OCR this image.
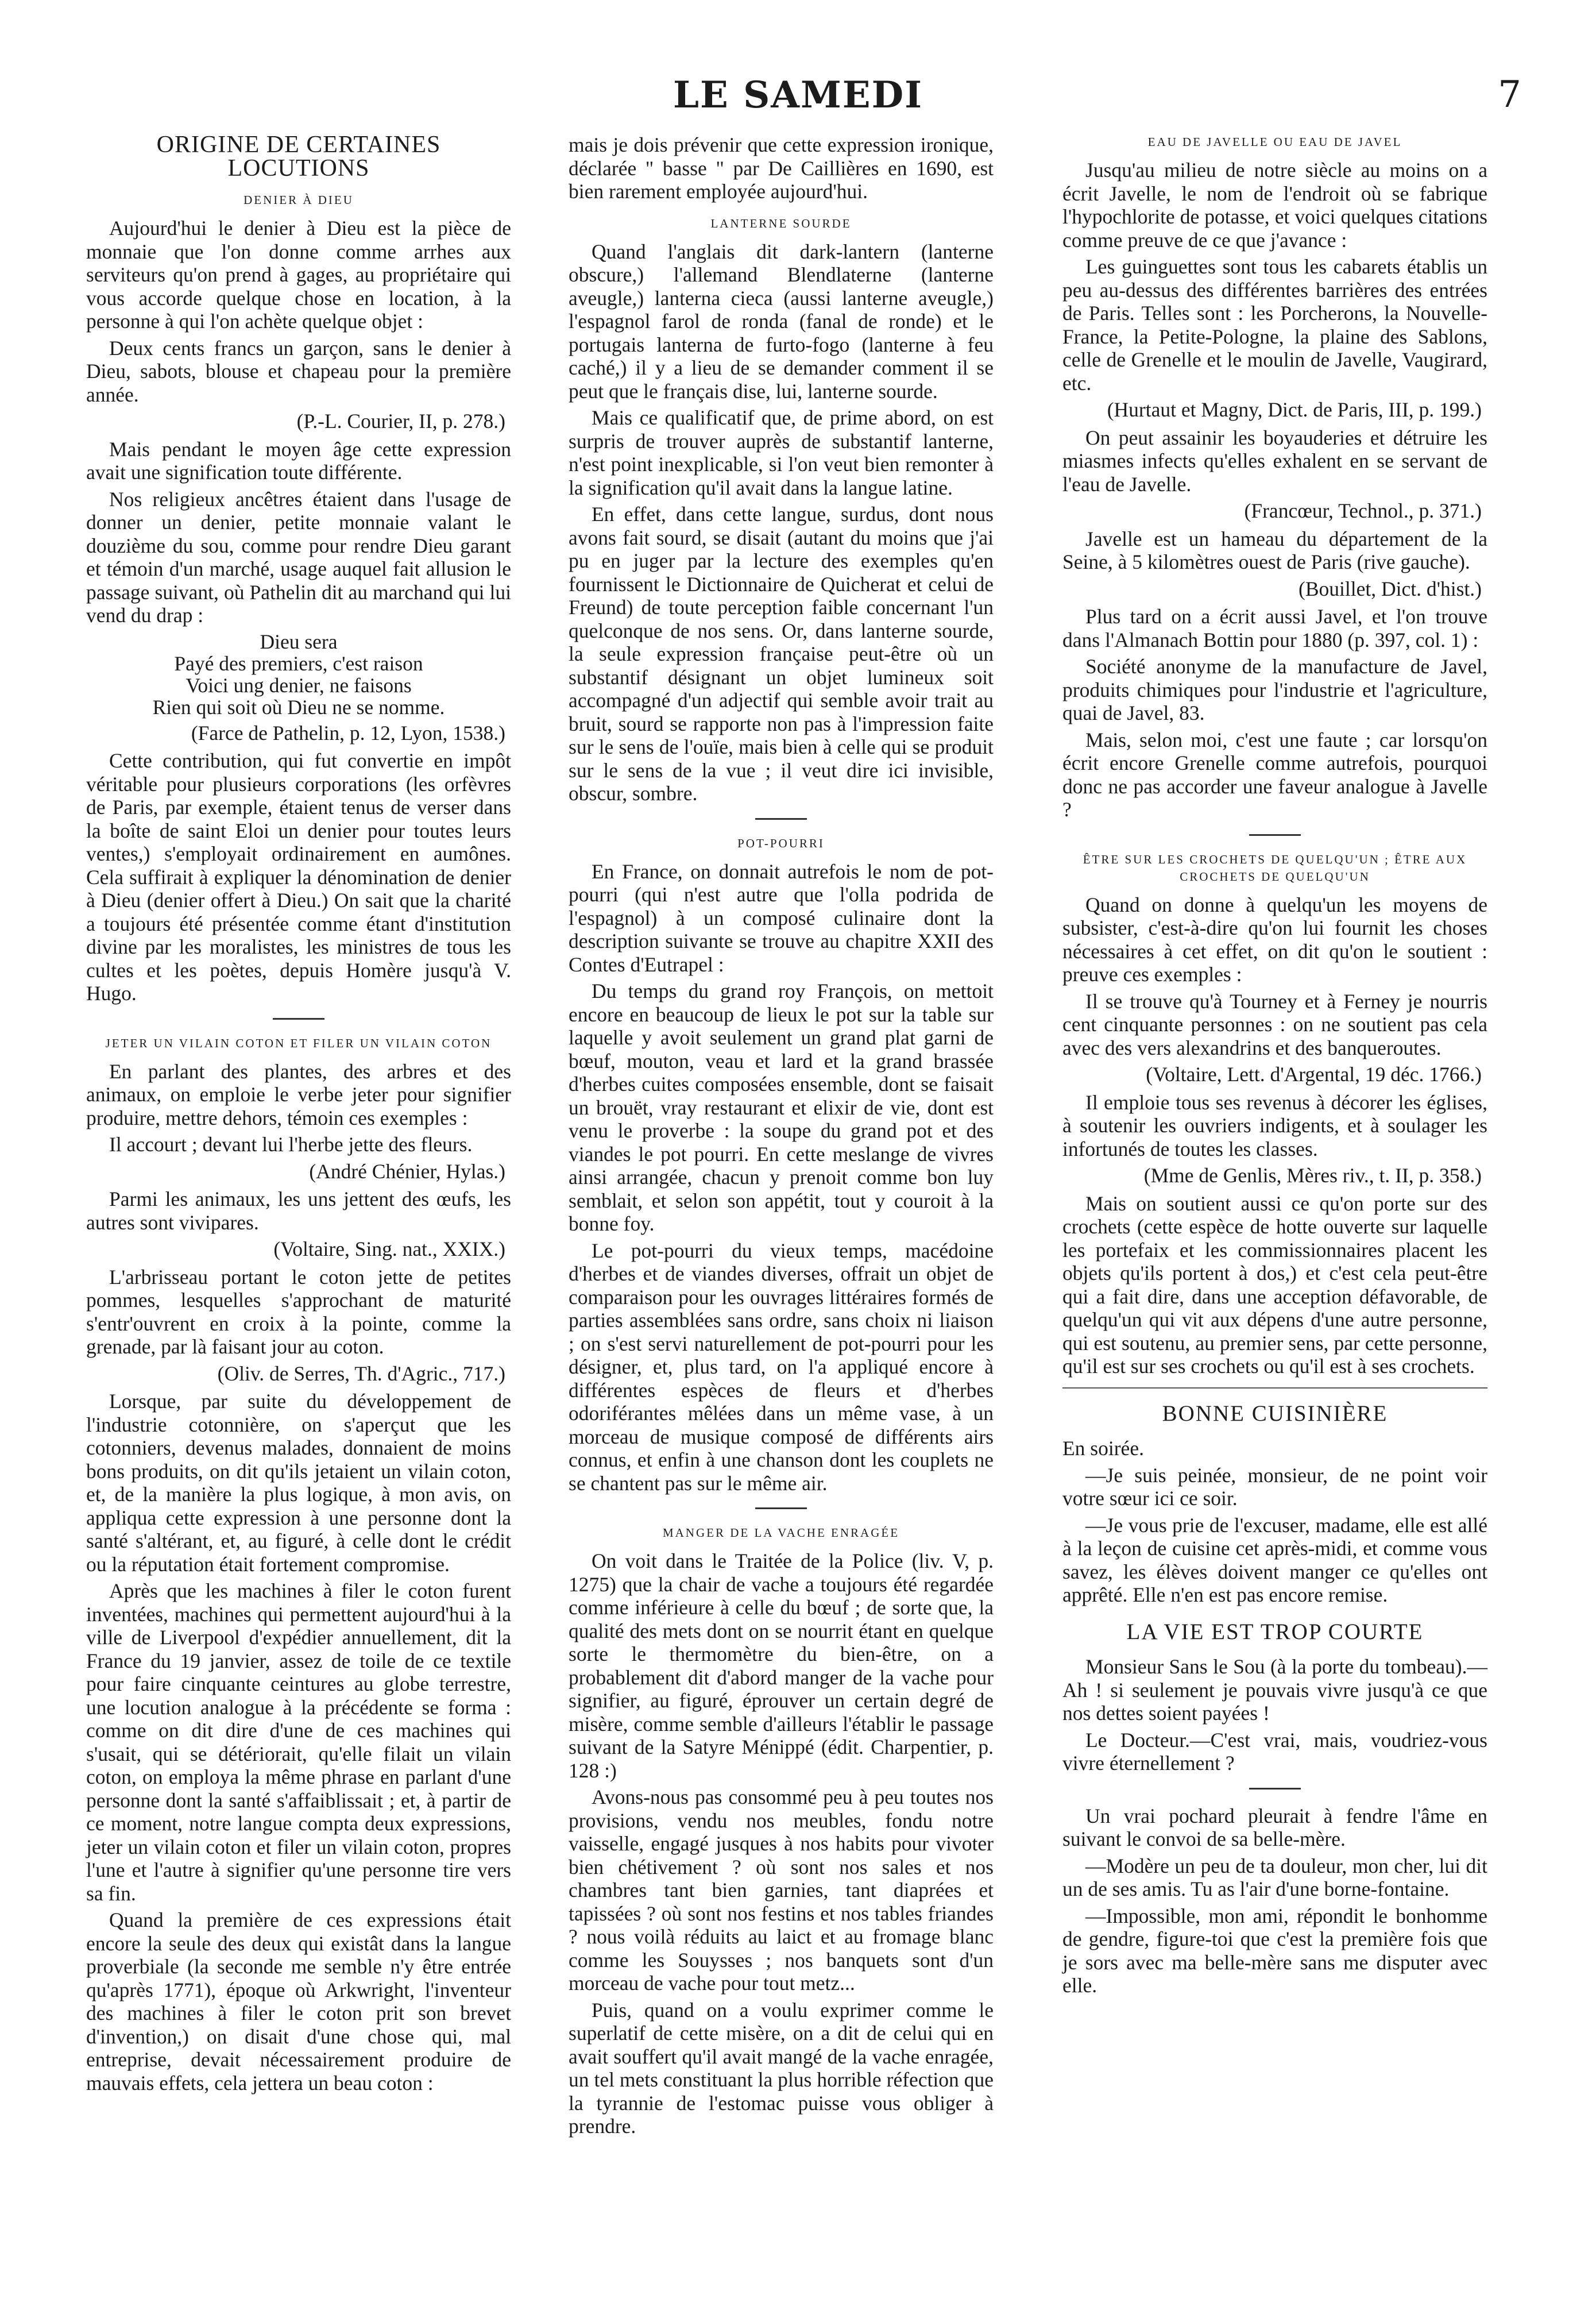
LE SAMEDI	7
ORIGINE DE CERTAINES LOCUTIONS
DENIER À DIEU

Aujourd'hui le denier à Dieu est la pièce de monnaie que l'on donne comme arrhes aux serviteurs qu'on prend à gages, au propriétaire qui vous accorde quelque chose en location, à la personne à qui l'on achète quelque objet :

Deux cents francs un garçon, sans le denier à Dieu, sabots, blouse et chapeau pour la première année.

(P.-L. Courier, II, p. 278.)

Mais pendant le moyen âge cette expression avait une signification toute différente.

Nos religieux ancêtres étaient dans l'usage de donner un denier, petite monnaie valant le douzième du sou, comme pour rendre Dieu garant et témoin d'un marché, usage auquel fait allusion le passage suivant, où Pathelin dit au marchand qui lui vend du drap :

Dieu sera
Payé des premiers, c'est raison
Voici ung denier, ne faisons
Rien qui soit où Dieu ne se nomme.

(Farce de Pathelin, p. 12, Lyon, 1538.)

Cette contribution, qui fut convertie en impôt véritable pour plusieurs corporations (les orfèvres de Paris, par exemple, étaient tenus de verser dans la boîte de saint Eloi un denier pour toutes leurs ventes,) s'employait ordinairement en aumônes. Cela suffirait à expliquer la dénomination de denier à Dieu (denier offert à Dieu.) On sait que la charité a toujours été présentée comme étant d'institution divine par les moralistes, les ministres de tous les cultes et les poètes, depuis Homère jusqu'à V. Hugo.

JETER UN VILAIN COTON ET FILER UN VILAIN COTON

En parlant des plantes, des arbres et des animaux, on emploie le verbe jeter pour signifier produire, mettre dehors, témoin ces exemples :

Il accourt ; devant lui l'herbe jette des fleurs.

(André Chénier, Hylas.)

Parmi les animaux, les uns jettent des œufs, les autres sont vivipares.

(Voltaire, Sing. nat., XXIX.)

L'arbrisseau portant le coton jette de petites pommes, lesquelles s'approchant de maturité s'entr'ouvrent en croix à la pointe, comme la grenade, par là faisant jour au coton.

(Oliv. de Serres, Th. d'Agric., 717.)

Lorsque, par suite du développement de l'industrie cotonnière, on s'aperçut que les cotonniers, devenus malades, donnaient de moins bons produits, on dit qu'ils jetaient un vilain coton, et, de la manière la plus logique, à mon avis, on appliqua cette expression à une personne dont la santé s'altérant, et, au figuré, à celle dont le crédit ou la réputation était fortement compromise.

Après que les machines à filer le coton furent inventées, machines qui permettent aujourd'hui à la ville de Liverpool d'expédier annuellement, dit la France du 19 janvier, assez de toile de ce textile pour faire cinquante ceintures au globe terrestre, une locution analogue à la précédente se forma : comme on dit dire d'une de ces machines qui s'usait, qui se détériorait, qu'elle filait un vilain coton, on employa la même phrase en parlant d'une personne dont la santé s'affaiblissait ; et, à partir de ce moment, notre langue compta deux expressions, jeter un vilain coton et filer un vilain coton, propres l'une et l'autre à signifier qu'une personne tire vers sa fin.

Quand la première de ces expressions était encore la seule des deux qui existât dans la langue proverbiale (la seconde me semble n'y être entrée qu'après 1771), époque où Arkwright, l'inventeur des machines à filer le coton prit son brevet d'invention,) on disait d'une chose qui, mal entreprise, devait nécessairement produire de mauvais effets, cela jettera un beau coton :

mais je dois prévenir que cette expression ironique, déclarée " basse " par De Caillières en 1690, est bien rarement employée aujourd'hui.

LANTERNE SOURDE

Quand l'anglais dit dark-lantern (lanterne obscure,) l'allemand Blendlaterne (lanterne aveugle,) lanterna cieca (aussi lanterne aveugle,) l'espagnol farol de ronda (fanal de ronde) et le portugais lanterna de furto-fogo (lanterne à feu caché,) il y a lieu de se demander comment il se peut que le français dise, lui, lanterne sourde.

Mais ce qualificatif que, de prime abord, on est surpris de trouver auprès de substantif lanterne, n'est point inexplicable, si l'on veut bien remonter à la signification qu'il avait dans la langue latine.

En effet, dans cette langue, surdus, dont nous avons fait sourd, se disait (autant du moins que j'ai pu en juger par la lecture des exemples qu'en fournissent le Dictionnaire de Quicherat et celui de Freund) de toute perception faible concernant l'un quelconque de nos sens. Or, dans lanterne sourde, la seule expression française peut-être où un substantif désignant un objet lumineux soit accompagné d'un adjectif qui semble avoir trait au bruit, sourd se rapporte non pas à l'impression faite sur le sens de l'ouïe, mais bien à celle qui se produit sur le sens de la vue ; il veut dire ici invisible, obscur, sombre.

POT-POURRI

En France, on donnait autrefois le nom de pot-pourri (qui n'est autre que l'olla podrida de l'espagnol) à un composé culinaire dont la description suivante se trouve au chapitre XXII des Contes d'Eutrapel :

Du temps du grand roy François, on mettoit encore en beaucoup de lieux le pot sur la table sur laquelle y avoit seulement un grand plat garni de bœuf, mouton, veau et lard et la grand brassée d'herbes cuites composées ensemble, dont se faisait un brouët, vray restaurant et elixir de vie, dont est venu le proverbe : la soupe du grand pot et des viandes le pot pourri. En cette meslange de vivres ainsi arrangée, chacun y prenoit comme bon luy semblait, et selon son appétit, tout y couroit à la bonne foy.

Le pot-pourri du vieux temps, macédoine d'herbes et de viandes diverses, offrait un objet de comparaison pour les ouvrages littéraires formés de parties assemblées sans ordre, sans choix ni liaison ; on s'est servi naturellement de pot-pourri pour les désigner, et, plus tard, on l'a appliqué encore à différentes espèces de fleurs et d'herbes odoriférantes mêlées dans un même vase, à un morceau de musique composé de différents airs connus, et enfin à une chanson dont les couplets ne se chantent pas sur le même air.

MANGER DE LA VACHE ENRAGÉE

On voit dans le Traitée de la Police (liv. V, p. 1275) que la chair de vache a toujours été regardée comme inférieure à celle du bœuf ; de sorte que, la qualité des mets dont on se nourrit étant en quelque sorte le thermomètre du bien-être, on a probablement dit d'abord manger de la vache pour signifier, au figuré, éprouver un certain degré de misère, comme semble d'ailleurs l'établir le passage suivant de la Satyre Ménippé (édit. Charpentier, p. 128 :)

Avons-nous pas consommé peu à peu toutes nos provisions, vendu nos meubles, fondu notre vaisselle, engagé jusques à nos habits pour vivoter bien chétivement ? où sont nos sales et nos chambres tant bien garnies, tant diaprées et tapissées ? où sont nos festins et nos tables friandes ? nous voilà réduits au laict et au fromage blanc comme les Souysses ; nos banquets sont d'un morceau de vache pour tout metz...

Puis, quand on a voulu exprimer comme le superlatif de cette misère, on a dit de celui qui en avait souffert qu'il avait mangé de la vache enragée, un tel mets constituant la plus horrible réfection que la tyrannie de l'estomac puisse vous obliger à prendre.

EAU DE JAVELLE OU EAU DE JAVEL

Jusqu'au milieu de notre siècle au moins on a écrit Javelle, le nom de l'endroit où se fabrique l'hypochlorite de potasse, et voici quelques citations comme preuve de ce que j'avance :

Les guinguettes sont tous les cabarets établis un peu au-dessus des différentes barrières des entrées de Paris. Telles sont : les Porcherons, la Nouvelle-France, la Petite-Pologne, la plaine des Sablons, celle de Grenelle et le moulin de Javelle, Vaugirard, etc.

(Hurtaut et Magny, Dict. de Paris, III, p. 199.)

On peut assainir les boyauderies et détruire les miasmes infects qu'elles exhalent en se servant de l'eau de Javelle.

(Francœur, Technol., p. 371.)

Javelle est un hameau du département de la Seine, à 5 kilomètres ouest de Paris (rive gauche).

(Bouillet, Dict. d'hist.)

Plus tard on a écrit aussi Javel, et l'on trouve dans l'Almanach Bottin pour 1880 (p. 397, col. 1) :

Société anonyme de la manufacture de Javel, produits chimiques pour l'industrie et l'agriculture, quai de Javel, 83.

Mais, selon moi, c'est une faute ; car lorsqu'on écrit encore Grenelle comme autrefois, pourquoi donc ne pas accorder une faveur analogue à Javelle ?

ÊTRE SUR LES CROCHETS DE QUELQU'UN ; ÊTRE AUX CROCHETS DE QUELQU'UN

Quand on donne à quelqu'un les moyens de subsister, c'est-à-dire qu'on lui fournit les choses nécessaires à cet effet, on dit qu'on le soutient : preuve ces exemples :

Il se trouve qu'à Tourney et à Ferney je nourris cent cinquante personnes : on ne soutient pas cela avec des vers alexandrins et des banqueroutes.

(Voltaire, Lett. d'Argental, 19 déc. 1766.)

Il emploie tous ses revenus à décorer les églises, à soutenir les ouvriers indigents, et à soulager les infortunés de toutes les classes.

(Mme de Genlis, Mères riv., t. II, p. 358.)

Mais on soutient aussi ce qu'on porte sur des crochets (cette espèce de hotte ouverte sur laquelle les portefaix et les commissionnaires placent les objets qu'ils portent à dos,) et c'est cela peut-être qui a fait dire, dans une acception défavorable, de quelqu'un qui vit aux dépens d'une autre personne, qui est soutenu, au premier sens, par cette personne, qu'il est sur ses crochets ou qu'il est à ses crochets.

BONNE CUISINIÈRE

En soirée.

—Je suis peinée, monsieur, de ne point voir votre sœur ici ce soir.

—Je vous prie de l'excuser, madame, elle est allé à la leçon de cuisine cet après-midi, et comme vous savez, les élèves doivent manger ce qu'elles ont apprêté. Elle n'en est pas encore remise.

LA VIE EST TROP COURTE

Monsieur Sans le Sou (à la porte du tombeau).—Ah ! si seulement je pouvais vivre jusqu'à ce que nos dettes soient payées !

Le Docteur.—C'est vrai, mais, voudriez-vous vivre éternellement ?

Un vrai pochard pleurait à fendre l'âme en suivant le convoi de sa belle-mère.

—Modère un peu de ta douleur, mon cher, lui dit un de ses amis. Tu as l'air d'une borne-fontaine.

—Impossible, mon ami, répondit le bonhomme de gendre, figure-toi que c'est la première fois que je sors avec ma belle-mère sans me disputer avec elle.
